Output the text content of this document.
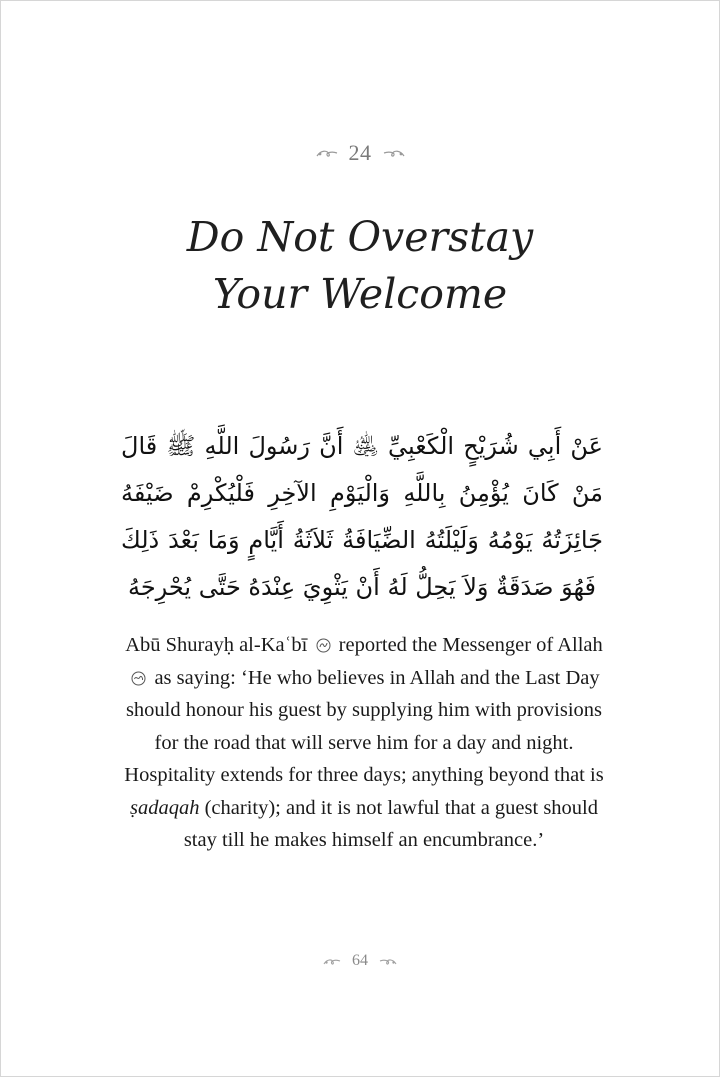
24
Do Not Overstay
Your Welcome
عَنْ أَبِي شُرَيْحٍ الْكَعْبِيِّ ﵁ أَنَّ رَسُولَ اللَّهِ ﷺ قَالَ مَنْ كَانَ يُؤْمِنُ بِاللَّهِ وَالْيَوْمِ الآخِرِ فَلْيُكْرِمْ ضَيْفَهُ جَائِزَتُهُ يَوْمُهُ وَلَيْلَتُهُ الضِّيَافَةُ ثَلاَثَةُ أَيَّامٍ وَمَا بَعْدَ ذَلِكَ فَهُوَ صَدَقَةٌ وَلاَ يَحِلُّ لَهُ أَنْ يَثْوِيَ عِنْدَهُ حَتَّى يُحْرِجَهُ
Abū Shurayḥ al-Kaʿbī reported the Messenger of Allah
as saying: ‘He who believes in Allah and the Last Day
should honour his guest by supplying him with provisions
for the road that will serve him for a day and night.
Hospitality extends for three days; anything beyond that is
ṣadaqah (charity); and it is not lawful that a guest should
stay till he makes himself an encumbrance.’
64
